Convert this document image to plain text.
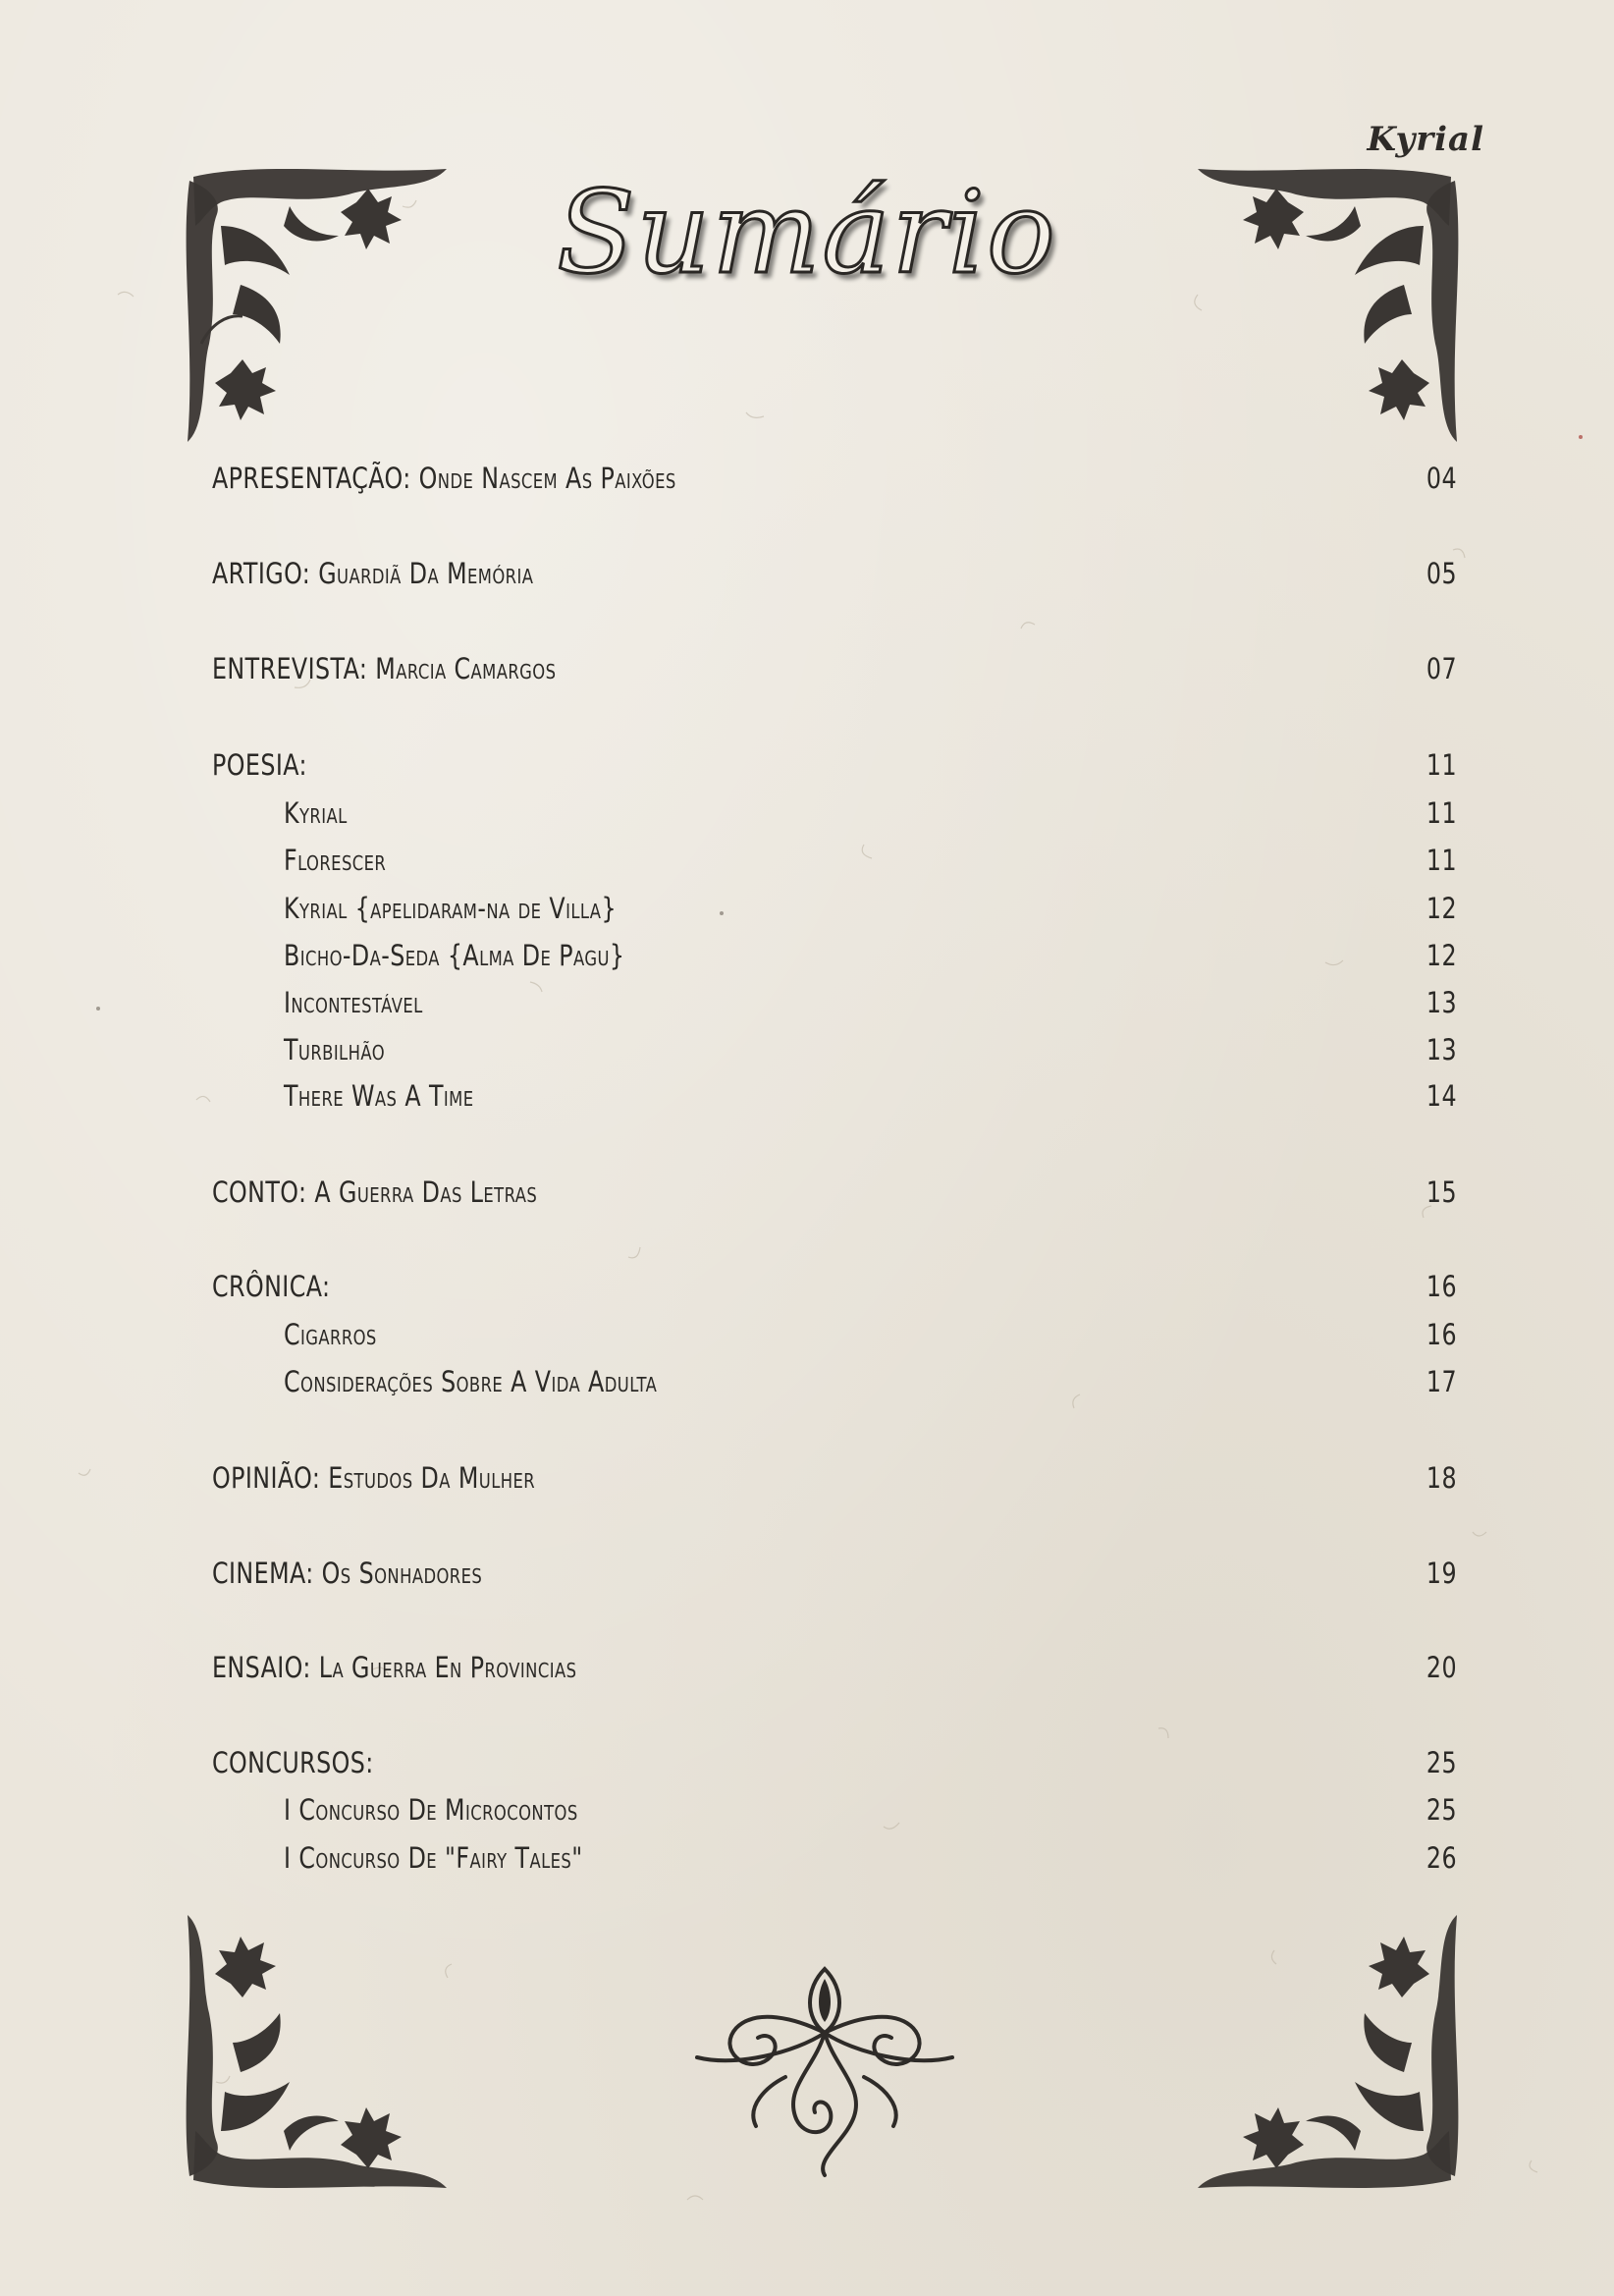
Kyrial
Sumário
APRESENTAÇÃO: Onde Nascem As Paixões	04
ARTIGO: Guardiã Da Memória	05
ENTREVISTA: Marcia Camargos	07
POESIA:	11
Kyrial	11
Florescer	11
Kyrial {apelidaram-na de Villa}	12
Bicho-Da-Seda {Alma De Pagu}	12
Incontestável	13
Turbilhão	13
There Was A Time	14
CONTO: A Guerra Das Letras	15
CRÔNICA:	16
Cigarros	16
Considerações Sobre A Vida Adulta	17
OPINIÃO: Estudos Da Mulher	18
CINEMA: Os Sonhadores	19
ENSAIO: La Guerra En Provincias	20
CONCURSOS:	25
I Concurso De Microcontos	25
I Concurso De "Fairy Tales"	26
